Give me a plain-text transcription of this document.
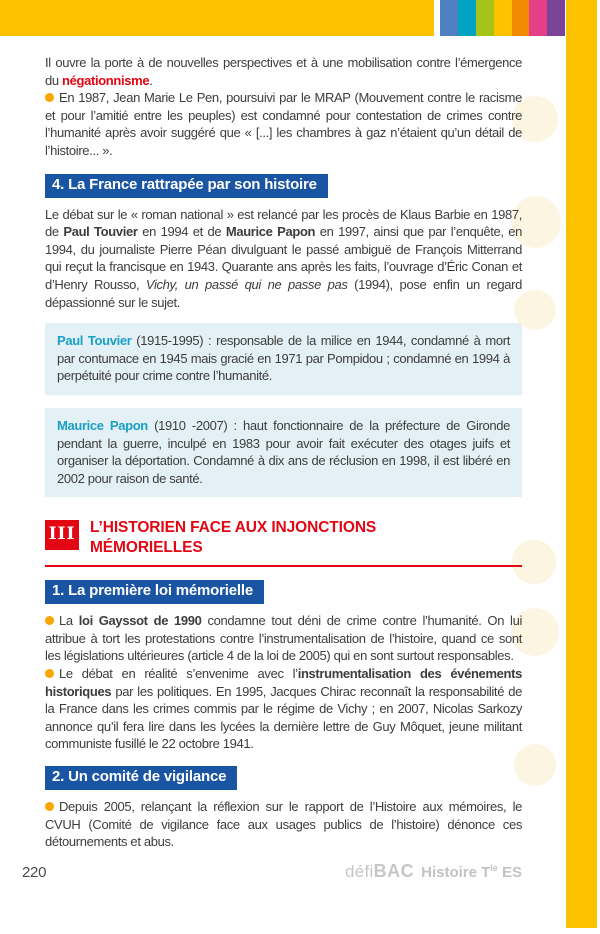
Il ouvre la porte à de nouvelles perspectives et à une mobilisation contre l’émergence du négationnisme.

En 1987, Jean Marie Le Pen, poursuivi par le MRAP (Mouvement contre le racisme et pour l’amitié entre les peuples) est condamné pour contestation de crimes contre l’humanité après avoir suggéré que « [...] les chambres à gaz n’étaient qu’un détail de l’histoire... ».

4. La France rattrapée par son histoire

Le débat sur le « roman national » est relancé par les procès de Klaus Barbie en 1987, de Paul Touvier en 1994 et de Maurice Papon en 1997, ainsi que par l’enquête, en 1994, du journaliste Pierre Péan divulguant le passé ambiguë de François Mitterrand qui reçut la francisque en 1943. Quarante ans après les faits, l’ouvrage d’Éric Conan et d’Henry Rousso, Vichy, un passé qui ne passe pas (1994), pose enfin un regard dépassionné sur le sujet.

Paul Touvier (1915-1995) : responsable de la milice en 1944, condamné à mort par contumace en 1945 mais gracié en 1971 par Pompidou ; condamné en 1994 à perpétuité pour crime contre l’humanité.
Maurice Papon (1910 -2007) : haut fonctionnaire de la préfecture de Gironde pendant la guerre, inculpé en 1983 pour avoir fait exécuter des otages juifs et organiser la déportation. Condamné à dix ans de réclusion en 1998, il est libéré en 2002 pour raison de santé.
III L’HISTORIEN FACE AUX INJONCTIONS MÉMORIELLES
1. La première loi mémorielle

La loi Gayssot de 1990 condamne tout déni de crime contre l’humanité. On lui attribue à tort les protestations contre l’instrumentalisation de l’histoire, quand ce sont les législations ultérieures (article 4 de la loi de 2005) qui en sont surtout responsables.

Le débat en réalité s’envenime avec l’instrumentalisation des événements historiques par les politiques. En 1995, Jacques Chirac reconnaît la responsabilité de la France dans les crimes commis par le régime de Vichy ; en 2007, Nicolas Sarkozy annonce qu’il fera lire dans les lycées la dernière lettre de Guy Môquet, jeune militant communiste fusillé le 22 octobre 1941.

2. Un comité de vigilance

Depuis 2005, relançant la réflexion sur le rapport de l’Histoire aux mémoires, le CVUH (Comité de vigilance face aux usages publics de l’histoire) dénonce ces détournements et abus.

220	défiBAC Histoire $T^{le}$ ES
